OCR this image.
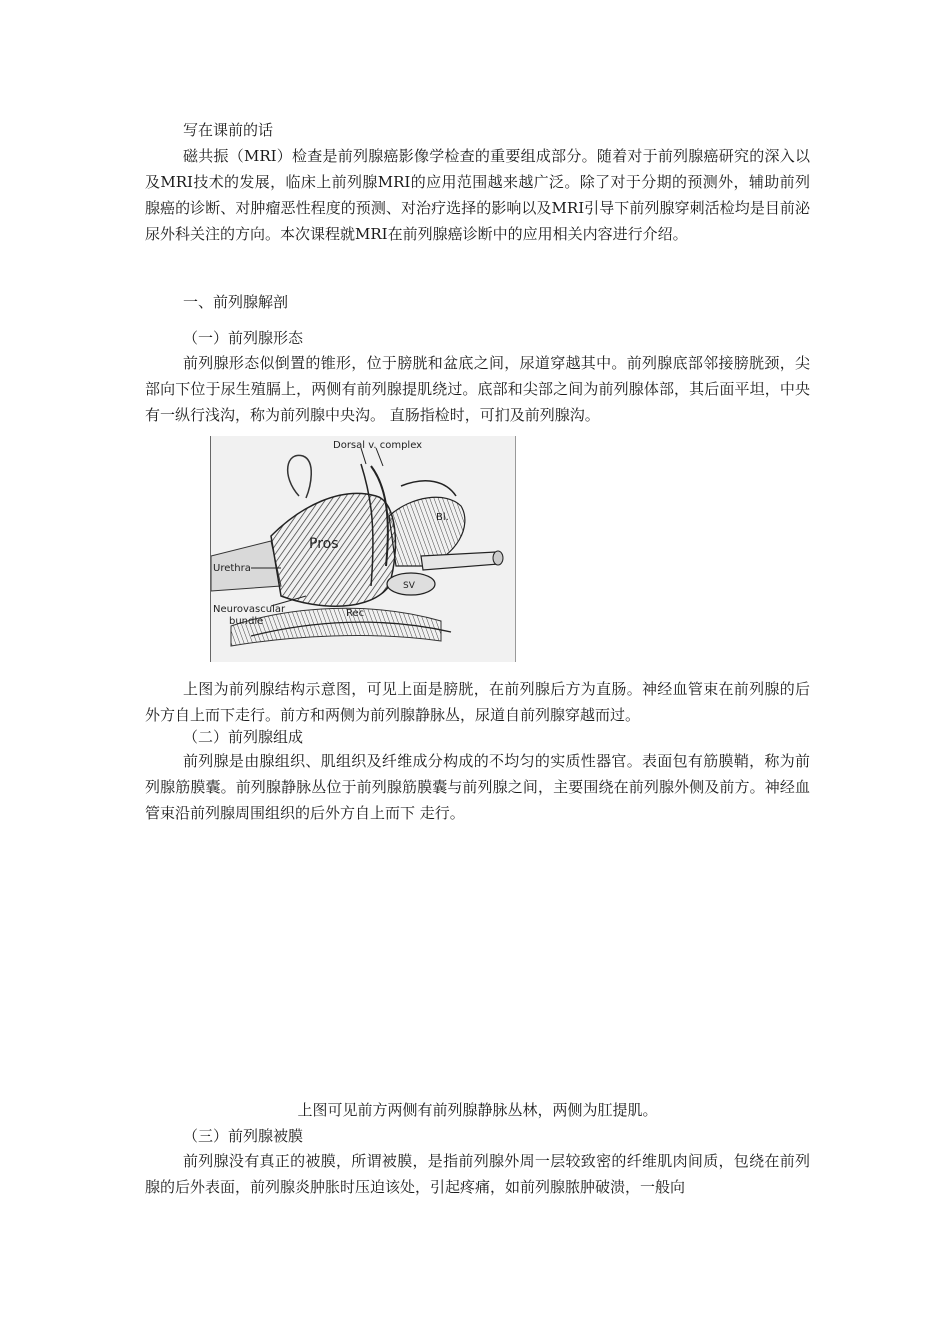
写在课前的话

磁共振（MRI）检查是前列腺癌影像学检查的重要组成部分。随着对于前列腺癌研究的深入以及MRI技术的发展，临床上前列腺MRI的应用范围越来越广泛。除了对于分期的预测外，辅助前列腺癌的诊断、对肿瘤恶性程度的预测、对治疗选择的影响以及MRI引导下前列腺穿刺活检均是目前泌尿外科关注的方向。本次课程就MRI在前列腺癌诊断中的应用相关内容进行介绍。

一、前列腺解剖

（一）前列腺形态

前列腺形态似倒置的锥形，位于膀胱和盆底之间，尿道穿越其中。前列腺底部邻接膀胱颈，尖部向下位于尿生殖膈上，两侧有前列腺提肌绕过。底部和尖部之间为前列腺体部，其后面平坦，中央有一纵行浅沟，称为前列腺中央沟。 直肠指检时，可扪及前列腺沟。

Dorsal v. complex
Bl.
Pros
Urethra
SV
Rec
Neurovascular
bundle

上图为前列腺结构示意图，可见上面是膀胱，在前列腺后方为直肠。神经血管束在前列腺的后外方自上而下走行。前方和两侧为前列腺静脉丛，尿道自前列腺穿越而过。

（二）前列腺组成

前列腺是由腺组织、肌组织及纤维成分构成的不均匀的实质性器官。表面包有筋膜鞘，称为前列腺筋膜囊。前列腺静脉丛位于前列腺筋膜囊与前列腺之间，主要围绕在前列腺外侧及前方。神经血管束沿前列腺周围组织的后外方自上而下 走行。

上图可见前方两侧有前列腺静脉丛林，两侧为肛提肌。

（三）前列腺被膜

前列腺没有真正的被膜，所谓被膜，是指前列腺外周一层较致密的纤维肌肉间质，包绕在前列腺的后外表面，前列腺炎肿胀时压迫该处，引起疼痛，如前列腺脓肿破溃，一般向
